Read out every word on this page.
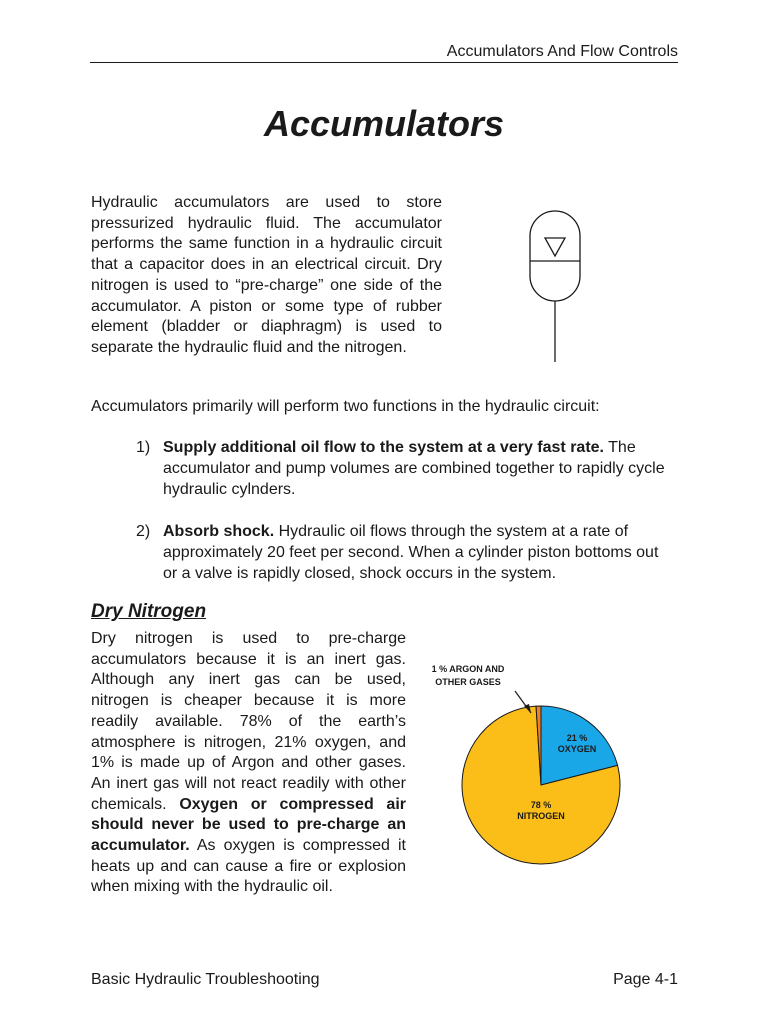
Accumulators And Flow Controls
Accumulators

Hydraulic accumulators are used to store pressurized hydraulic fluid. The accumulator performs the same function in a hydraulic circuit that a capacitor does in an electrical circuit. Dry nitrogen is used to “pre-charge” one side of the accumulator. A piston or some type of rubber element (bladder or diaphragm) is used to separate the hydraulic fluid and the nitrogen.

Accumulators primarily will perform two functions in the hydraulic circuit:

1) Supply additional oil flow to the system at a very fast rate. The accumulator and pump volumes are combined together to rapidly cycle hydraulic cylnders.
2) Absorb shock. Hydraulic oil flows through the system at a rate of approximately 20 feet per second. When a cylinder piston bottoms out or a valve is rapidly closed, shock occurs in the system.
Dry Nitrogen

Dry nitrogen is used to pre-charge accumulators because it is an inert gas. Although any inert gas can be used, nitrogen is cheaper because it is more readily available. 78% of the earth’s atmosphere is nitrogen, 21% oxygen, and 1% is made up of Argon and other gases. An inert gas will not react readily with other chemicals. Oxygen or compressed air should never be used to pre-charge an accumulator. As oxygen is compressed it heats up and can cause a fire or explosion when mixing with the hydraulic oil.

1 % ARGON AND
OTHER GASES
21 %
OXYGEN
78 %
NITROGEN
Basic Hydraulic Troubleshooting	Page 4-1
